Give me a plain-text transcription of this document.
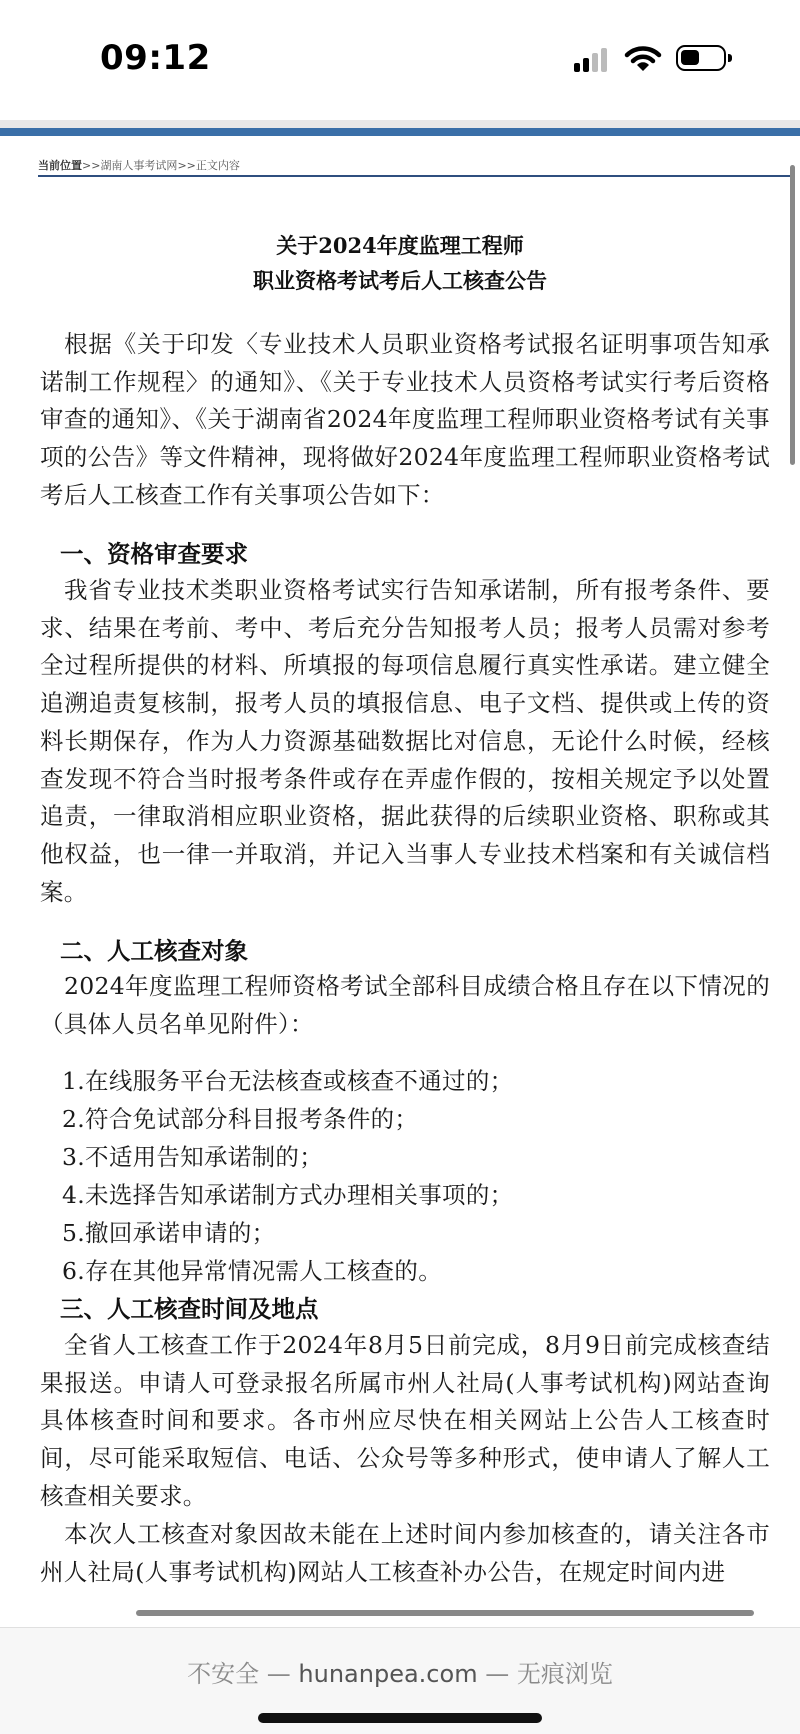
09:12
当前位置>>湖南人事考试网>>正文内容
关于2024年度监理工程师
职业资格考试考后人工核查公告
根据《关于印发〈专业技术人员职业资格考试报名证明事项告知承诺制工作规程〉的通知》、《关于专业技术人员资格考试实行考后资格审查的通知》、《关于湖南省2024年度监理工程师职业资格考试有关事项的公告》等文件精神，现将做好2024年度监理工程师职业资格考试考后人工核查工作有关事项公告如下：
一、资格审查要求
我省专业技术类职业资格考试实行告知承诺制，所有报考条件、要求、结果在考前、考中、考后充分告知报考人员；报考人员需对参考全过程所提供的材料、所填报的每项信息履行真实性承诺。建立健全追溯追责复核制，报考人员的填报信息、电子文档、提供或上传的资料长期保存，作为人力资源基础数据比对信息，无论什么时候，经核查发现不符合当时报考条件或存在弄虚作假的，按相关规定予以处置追责，一律取消相应职业资格，据此获得的后续职业资格、职称或其他权益，也一律一并取消，并记入当事人专业技术档案和有关诚信档案。
二、人工核查对象
2024年度监理工程师资格考试全部科目成绩合格且存在以下情况的（具体人员名单见附件）：
1.在线服务平台无法核查或核查不通过的；
2.符合免试部分科目报考条件的；
3.不适用告知承诺制的；
4.未选择告知承诺制方式办理相关事项的；
5.撤回承诺申请的；
6.存在其他异常情况需人工核查的。
三、人工核查时间及地点
全省人工核查工作于2024年8月5日前完成，8月9日前完成核查结果报送。申请人可登录报名所属市州人社局(人事考试机构)网站查询具体核查时间和要求。各市州应尽快在相关网站上公告人工核查时间，尽可能采取短信、电话、公众号等多种形式，使申请人了解人工核查相关要求。
本次人工核查对象因故未能在上述时间内参加核查的，请关注各市州人社局(人事考试机构)网站人工核查补办公告，在规定时间内进
不安全 — hunanpea.com — 无痕浏览
